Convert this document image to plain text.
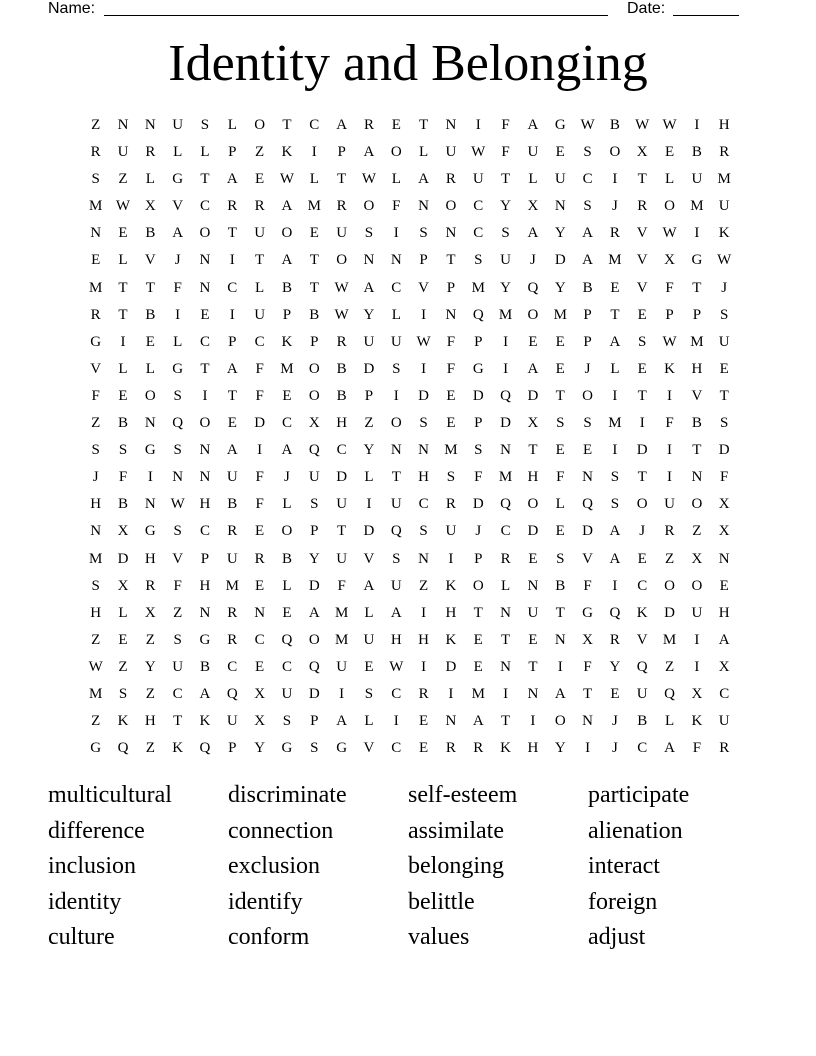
Name:	Date:
Identity and Belonging
Z	N	N	U	S	L	O	T	C	A	R	E	T	N	I	F	A	G W	B	W W	I	H
R	U	R	L	L	P	Z	K	I	P	A	O	L	U W	F	U	E	S	O	X	E	B	R
S	Z	L	G	T	A	E	W	L	T	W	L	A	R	U	T	L	U	C	I	T	L	U	M
M W X	V	C	R	R	A	M	R	O	F	N	O	C	Y	X	N	S	J	R	O	M	U
N	E	B	A	O	T	U	O	E	U	S	I	S	N	C	S	A	Y	A	R	V W	I	K
E	L	V	J	N	I	T	A	T	O	N	N	P	T	S	U	J	D	A	M	V	X	G W
M	T	T	F	N	C	L	B	T	W A	C	V	P	M	Y	Q	Y	B	E	V	F	T	J
R	T	B	I	E	I	U	P	B	W Y	L	I	N	Q	M	O	M	P	T	E	P	P	S
G	I	E	L	C	P	C	K	P	R	U	U W	F	P	I	E	E	P	A	S	W M	U
V	L	L	G	T	A	F	M	O	B	D	S	I	F	G	I	A	E	J	L	E	K	H	E
F	E	O	S	I	T	F	E	O	B	P	I	D	E	D	Q	D	T	O	I	T	I	V	T
Z	B	N	Q	O	E	D	C	X	H	Z	O	S	E	P	D	X	S	S	M	I	F	B	S
S	S	G	S	N	A	I	A	Q	C	Y	N	N	M	S	N	T	E	E	I	D	I	T	D
J	F	I	N	N	U	F	J	U	D	L	T	H	S	F	M	H	F	N	S	T	I	N	F
H	B	N W H	B	F	L	S	U	I	U	C	R	D	Q	O	L	Q	S	O	U	O	X
N	X	G	S	C	R	E	O	P	T	D	Q	S	U	J	C	D	E	D	A	J	R	Z	X
M	D	H	V	P	U	R	B	Y	U	V	S	N	I	P	R	E	S	V	A	E	Z	X	N
S	X	R	F	H	M	E	L	D	F	A	U	Z	K	O	L	N	B	F	I	C	O	O	E
H	L	X	Z	N	R	N	E	A	M	L	A	I	H	T	N	U	T	G	Q	K	D	U	H
Z	E	Z	S	G	R	C	Q	O	M	U	H	H	K	E	T	E	N	X	R	V	M	I	A
W	Z	Y	U	B	C	E	C	Q	U	E	W	I	D	E	N	T	I	F	Y	Q	Z	I	X
M	S	Z	C	A	Q	X	U	D	I	S	C	R	I	M	I	N	A	T	E	U	Q	X	C
Z	K	H	T	K	U	X	S	P	A	L	I	E	N	A	T	I	O	N	J	B	L	K	U
G	Q	Z	K	Q	P	Y	G	S	G	V	C	E	R	R	K	H	Y	I	J	C	A	F	R
multicultural	discriminate	self-esteem	participate
difference	connection	assimilate	alienation
inclusion	exclusion	belonging	interact
identity	identify	belittle	foreign
culture	conform	values	adjust
